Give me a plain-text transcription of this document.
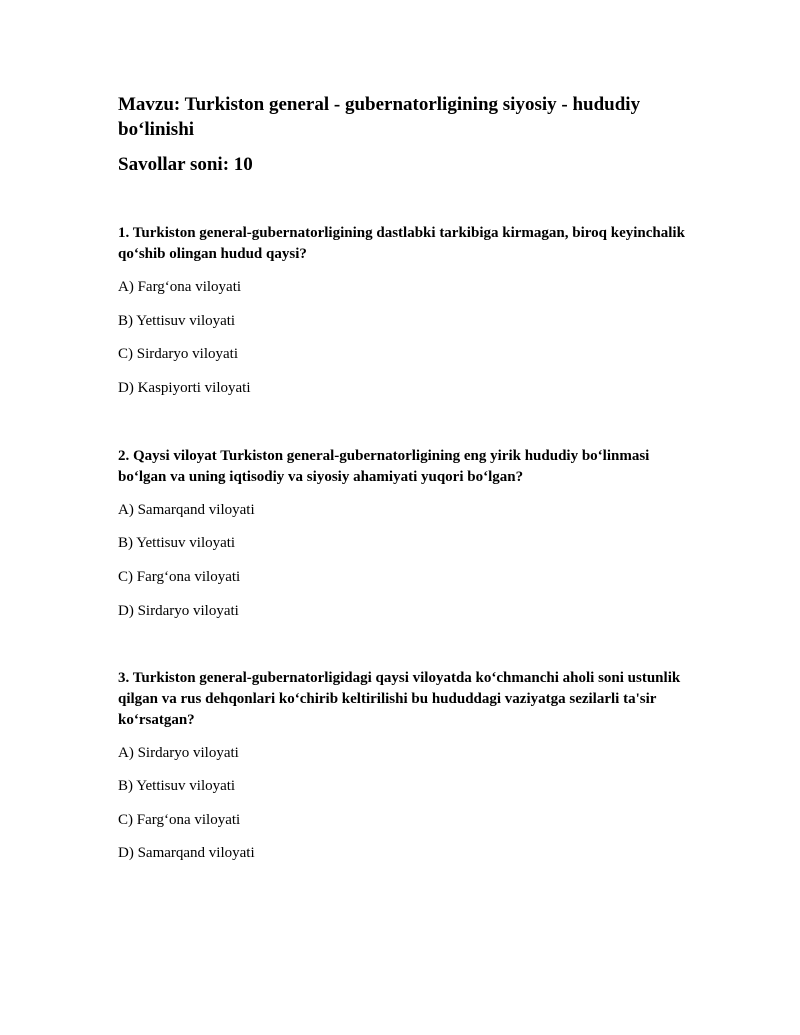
Mavzu: Turkiston general - gubernatorligining siyosiy - hududiy bo‘linishi
Savollar soni: 10

1. Turkiston general-gubernatorligining dastlabki tarkibiga kirmagan, biroq keyinchalik qo‘shib olingan hudud qaysi?

A) Farg‘ona viloyati

B) Yettisuv viloyati

C) Sirdaryo viloyati

D) Kaspiyorti viloyati

2. Qaysi viloyat Turkiston general-gubernatorligining eng yirik hududiy bo‘linmasi bo‘lgan va uning iqtisodiy va siyosiy ahamiyati yuqori bo‘lgan?

A) Samarqand viloyati

B) Yettisuv viloyati

C) Farg‘ona viloyati

D) Sirdaryo viloyati

3. Turkiston general-gubernatorligidagi qaysi viloyatda ko‘chmanchi aholi soni ustunlik qilgan va rus dehqonlari ko‘chirib keltirilishi bu hududdagi vaziyatga sezilarli ta'sir ko‘rsatgan?

A) Sirdaryo viloyati

B) Yettisuv viloyati

C) Farg‘ona viloyati

D) Samarqand viloyati
